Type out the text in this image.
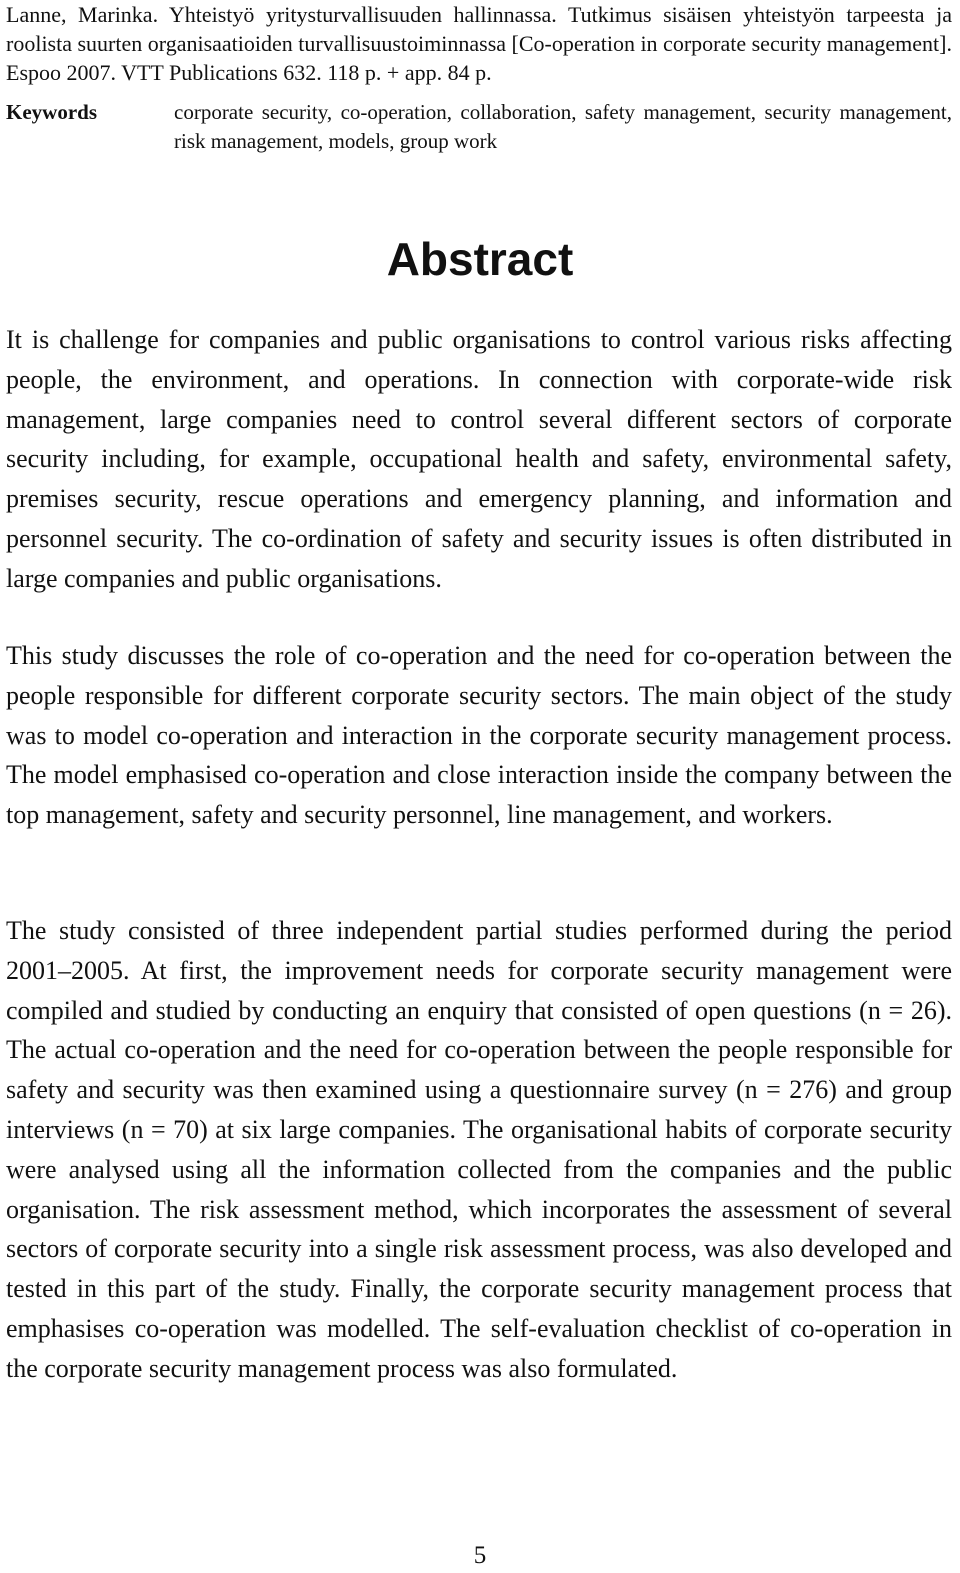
Lanne, Marinka. Yhteistyö yritysturvallisuuden hallinnassa. Tutkimus sisäisen yhteistyön tarpeesta ja roolista suurten organisaatioiden turvallisuustoiminnassa [Co-operation in corporate security management]. Espoo 2007. VTT Publications 632. 118 p. + app. 84 p.
Keywords	corporate security, co-operation, collaboration, safety management, security management, risk management, models, group work
Abstract

It is challenge for companies and public organisations to control various risks affecting people, the environment, and operations. In connection with corporate-wide risk management, large companies need to control several different sectors of corporate security including, for example, occupational health and safety, environmental safety, premises security, rescue operations and emergency planning, and information and personnel security. The co-ordination of safety and security issues is often distributed in large companies and public organisations.

This study discusses the role of co-operation and the need for co-operation between the people responsible for different corporate security sectors. The main object of the study was to model co-operation and interaction in the corporate security management process. The model emphasised co-operation and close interaction inside the company between the top management, safety and security personnel, line management, and workers.

The study consisted of three independent partial studies performed during the period 2001–2005. At first, the improvement needs for corporate security management were compiled and studied by conducting an enquiry that consisted of open questions (n = 26). The actual co-operation and the need for co-operation between the people responsible for safety and security was then examined using a questionnaire survey (n = 276) and group interviews (n = 70) at six large companies. The organisational habits of corporate security were analysed using all the information collected from the companies and the public organisation. The risk assessment method, which incorporates the assessment of several sectors of corporate security into a single risk assessment process, was also developed and tested in this part of the study. Finally, the corporate security management process that emphasises co-operation was modelled. The self-evaluation checklist of co-operation in the corporate security management process was also formulated.

5
